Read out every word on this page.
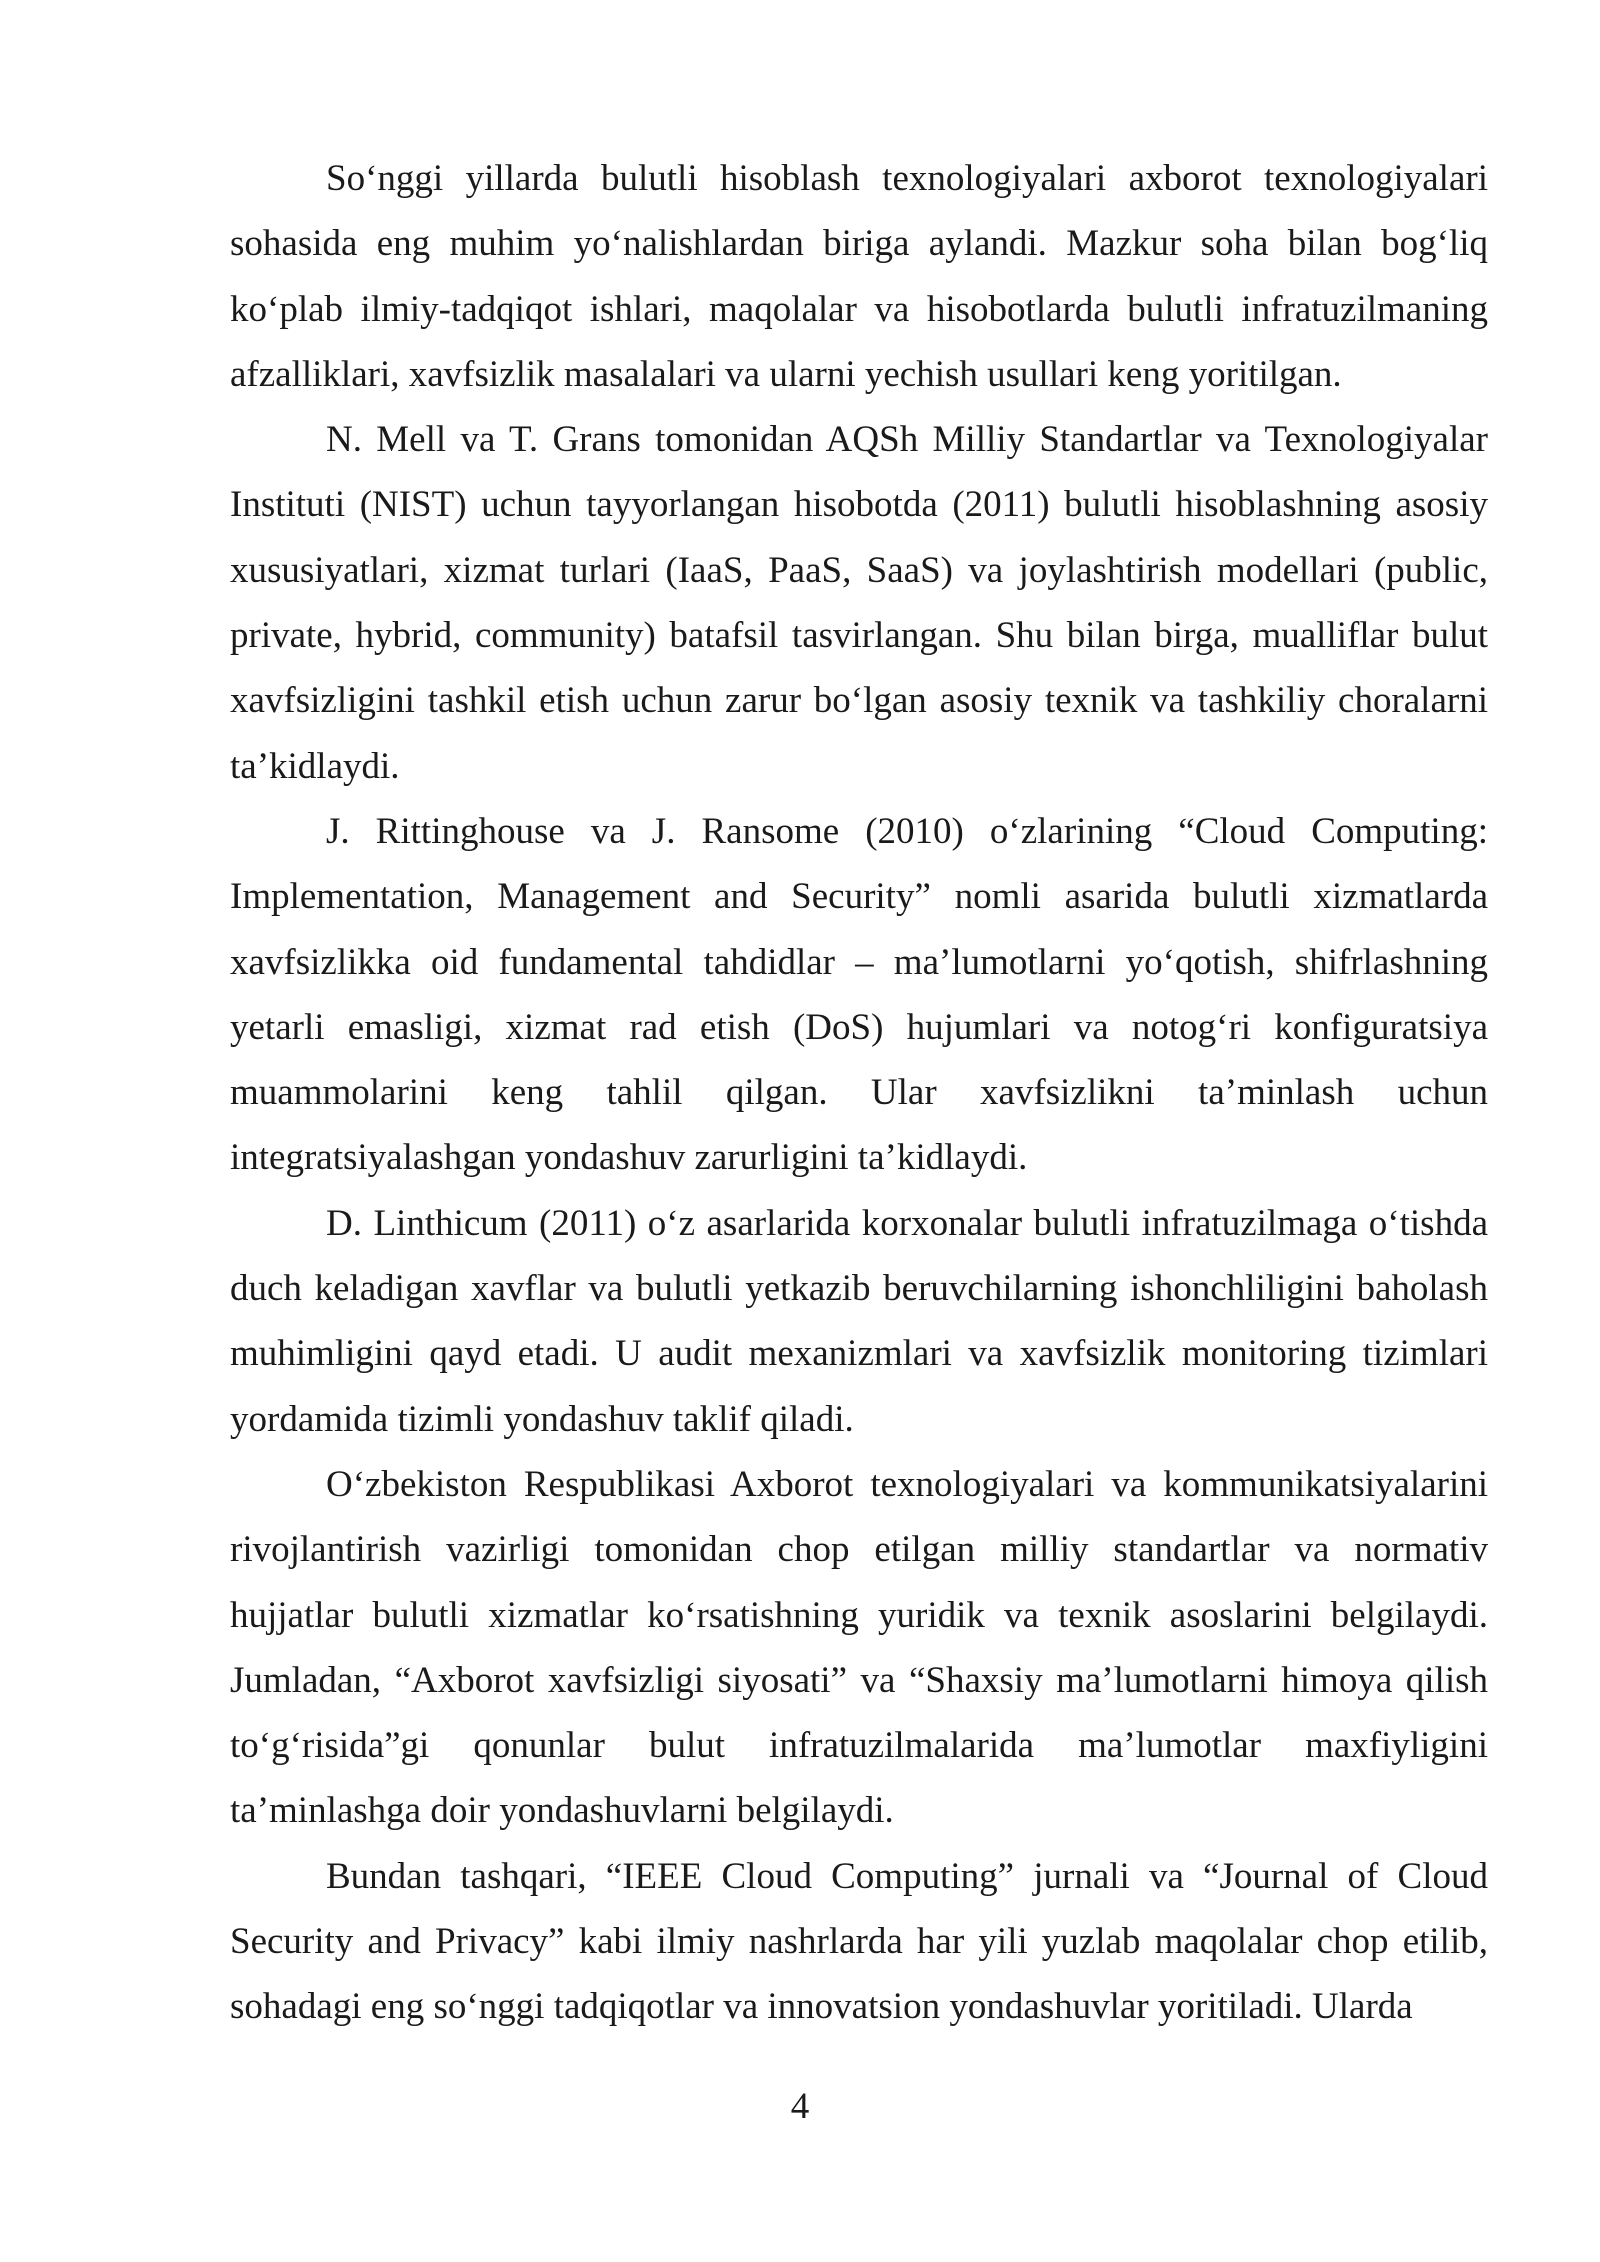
So‘nggi yillarda bulutli hisoblash texnologiyalari axborot texnologiyalari sohasida eng muhim yo‘nalishlardan biriga aylandi. Mazkur soha bilan bog‘liq ko‘plab ilmiy-tadqiqot ishlari, maqolalar va hisobotlarda bulutli infratuzilmaning afzalliklari, xavfsizlik masalalari va ularni yechish usullari keng yoritilgan.

N. Mell va T. Grans tomonidan AQSh Milliy Standartlar va Texnologiyalar Instituti (NIST) uchun tayyorlangan hisobotda (2011) bulutli hisoblashning asosiy xususiyatlari, xizmat turlari (IaaS, PaaS, SaaS) va joylashtirish modellari (public, private, hybrid, community) batafsil tasvirlangan. Shu bilan birga, mualliflar bulut xavfsizligini tashkil etish uchun zarur bo‘lgan asosiy texnik va tashkiliy choralarni ta’kidlaydi.

J. Rittinghouse va J. Ransome (2010) o‘zlarining “Cloud Computing: Implementation, Management and Security” nomli asarida bulutli xizmatlarda xavfsizlikka oid fundamental tahdidlar – ma’lumotlarni yo‘qotish, shifrlashning yetarli emasligi, xizmat rad etish (DoS) hujumlari va notog‘ri konfiguratsiya muammolarini keng tahlil qilgan. Ular xavfsizlikni ta’minlash uchun integratsiyalashgan yondashuv zarurligini ta’kidlaydi.

D. Linthicum (2011) o‘z asarlarida korxonalar bulutli infratuzilmaga o‘tishda duch keladigan xavflar va bulutli yetkazib beruvchilarning ishonchliligini baholash muhimligini qayd etadi. U audit mexanizmlari va xavfsizlik monitoring tizimlari yordamida tizimli yondashuv taklif qiladi.

O‘zbekiston Respublikasi Axborot texnologiyalari va kommunikatsiyalarini rivojlantirish vazirligi tomonidan chop etilgan milliy standartlar va normativ hujjatlar bulutli xizmatlar ko‘rsatishning yuridik va texnik asoslarini belgilaydi. Jumladan, “Axborot xavfsizligi siyosati” va “Shaxsiy ma’lumotlarni himoya qilish to‘g‘risida”gi qonunlar bulut infratuzilmalarida ma’lumotlar maxfiyligini ta’minlashga doir yondashuvlarni belgilaydi.

Bundan tashqari, “IEEE Cloud Computing” jurnali va “Journal of Cloud Security and Privacy” kabi ilmiy nashrlarda har yili yuzlab maqolalar chop etilib, sohadagi eng so‘nggi tadqiqotlar va innovatsion yondashuvlar yoritiladi. Ularda

4
